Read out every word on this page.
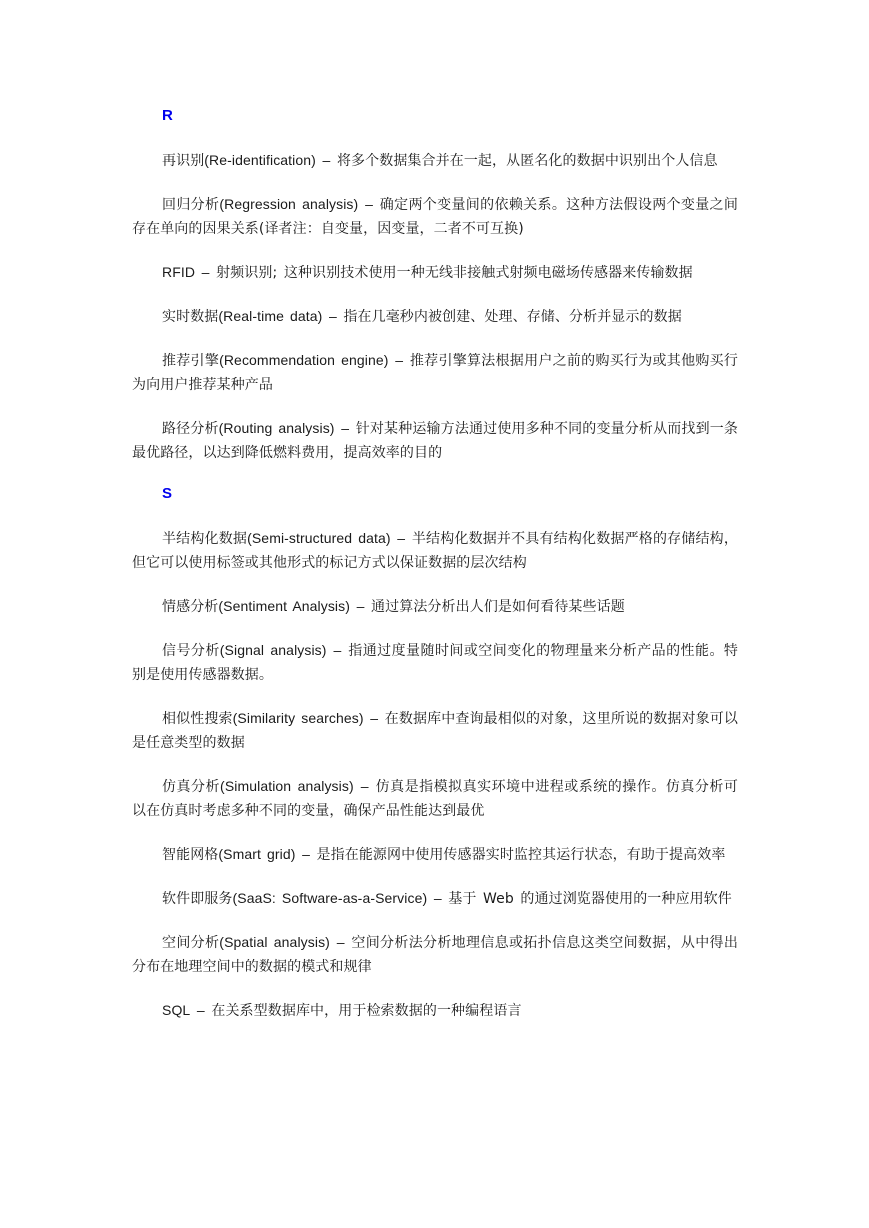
R

再识别(Re-identification) – 将多个数据集合并在一起，从匿名化的数据中识别出个人信息

回归分析(Regression analysis) – 确定两个变量间的依赖关系。这种方法假设两个变量之间存在单向的因果关系(译者注：自变量，因变量，二者不可互换)

RFID – 射频识别; 这种识别技术使用一种无线非接触式射频电磁场传感器来传输数据

实时数据(Real-time data) – 指在几毫秒内被创建、处理、存储、分析并显示的数据

推荐引擎(Recommendation engine) – 推荐引擎算法根据用户之前的购买行为或其他购买行为向用户推荐某种产品

路径分析(Routing analysis) – 针对某种运输方法通过使用多种不同的变量分析从而找到一条最优路径，以达到降低燃料费用，提高效率的目的

S

半结构化数据(Semi-structured data) – 半结构化数据并不具有结构化数据严格的存储结构，但它可以使用标签或其他形式的标记方式以保证数据的层次结构

情感分析(Sentiment Analysis) – 通过算法分析出人们是如何看待某些话题

信号分析(Signal analysis) – 指通过度量随时间或空间变化的物理量来分析产品的性能。特别是使用传感器数据。

相似性搜索(Similarity searches) – 在数据库中查询最相似的对象，这里所说的数据对象可以是任意类型的数据

仿真分析(Simulation analysis) – 仿真是指模拟真实环境中进程或系统的操作。仿真分析可以在仿真时考虑多种不同的变量，确保产品性能达到最优

智能网格(Smart grid) – 是指在能源网中使用传感器实时监控其运行状态，有助于提高效率

软件即服务(SaaS: Software-as-a-Service) – 基于 Web 的通过浏览器使用的一种应用软件

空间分析(Spatial analysis) – 空间分析法分析地理信息或拓扑信息这类空间数据，从中得出分布在地理空间中的数据的模式和规律

SQL – 在关系型数据库中，用于检索数据的一种编程语言
